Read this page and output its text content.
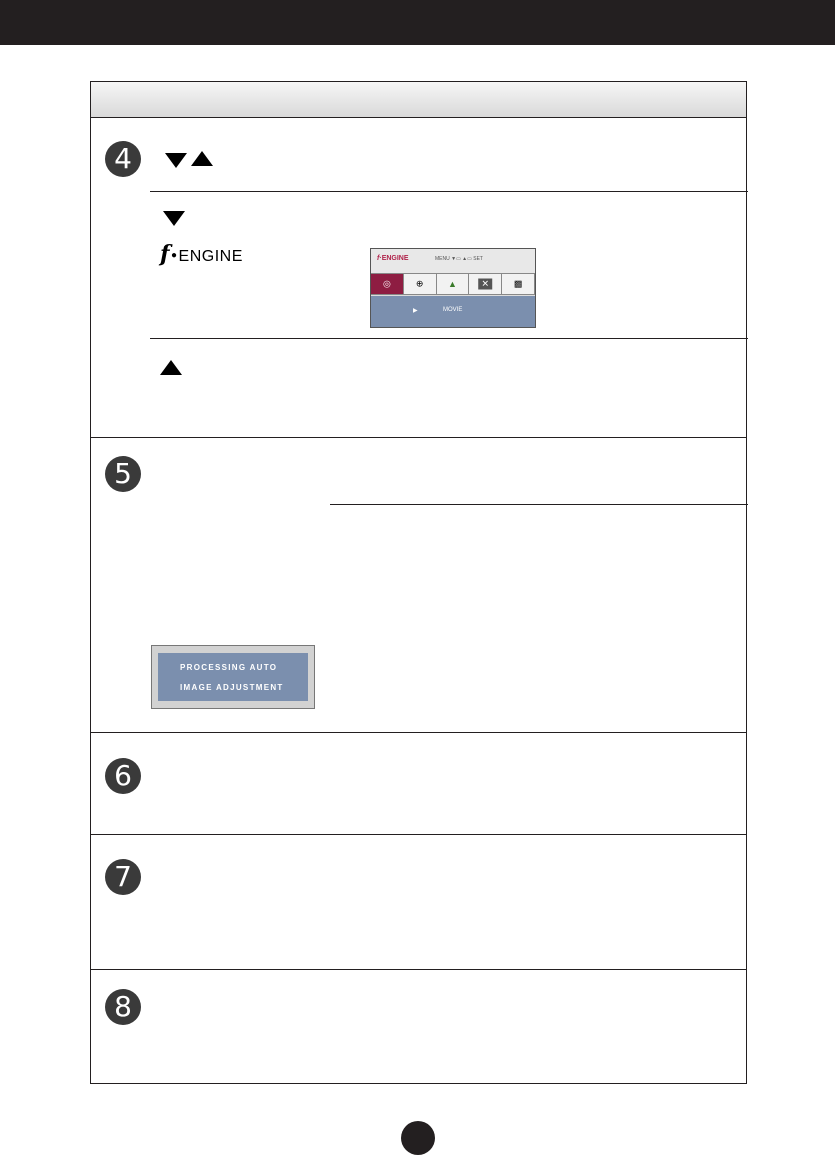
4
5
6
7
8
f●ENGINE	f·ENGINE	MENU ▼▭ ▲▭ SET
◎	⊕	▲	✕	▩
▶	MOVIE
PROCESSING AUTO
IMAGE ADJUSTMENT
